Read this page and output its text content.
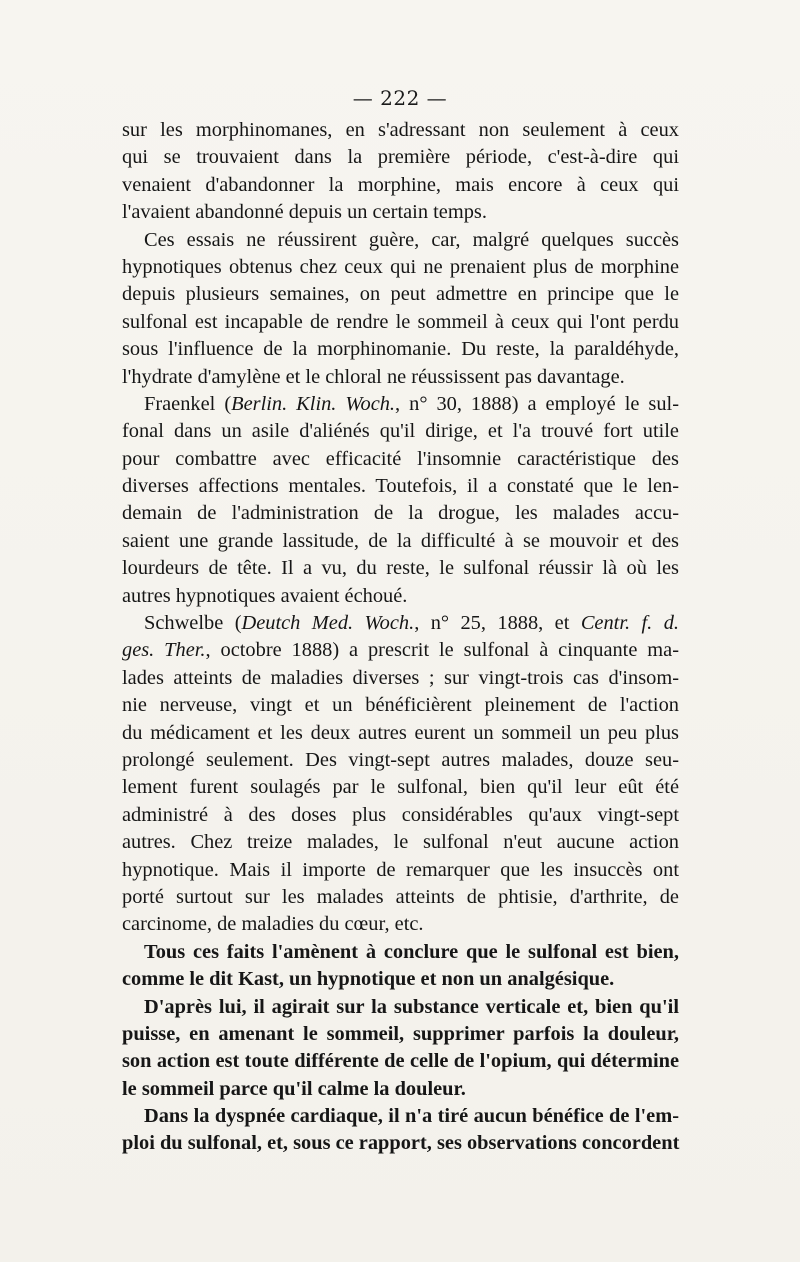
— 222 —
sur les morphinomanes, en s'adressant non seulement à ceux
qui se trouvaient dans la première période, c'est-à-dire qui
venaient d'abandonner la morphine, mais encore à ceux qui
l'avaient abandonné depuis un certain temps.
Ces essais ne réussirent guère, car, malgré quelques succès
hypnotiques obtenus chez ceux qui ne prenaient plus de morphine
depuis plusieurs semaines, on peut admettre en principe que le
sulfonal est incapable de rendre le sommeil à ceux qui l'ont perdu
sous l'influence de la morphinomanie. Du reste, la paraldéhyde,
l'hydrate d'amylène et le chloral ne réussissent pas davantage.
Fraenkel (Berlin. Klin. Woch., n° 30, 1888) a employé le sul-
fonal dans un asile d'aliénés qu'il dirige, et l'a trouvé fort utile
pour combattre avec efficacité l'insomnie caractéristique des
diverses affections mentales. Toutefois, il a constaté que le len-
demain de l'administration de la drogue, les malades accu-
saient une grande lassitude, de la difficulté à se mouvoir et des
lourdeurs de tête. Il a vu, du reste, le sulfonal réussir là où les
autres hypnotiques avaient échoué.
Schwelbe (Deutch Med. Woch., n° 25, 1888, et Centr. f. d.
ges. Ther., octobre 1888) a prescrit le sulfonal à cinquante ma-
lades atteints de maladies diverses ; sur vingt-trois cas d'insom-
nie nerveuse, vingt et un bénéficièrent pleinement de l'action
du médicament et les deux autres eurent un sommeil un peu plus
prolongé seulement. Des vingt-sept autres malades, douze seu-
lement furent soulagés par le sulfonal, bien qu'il leur eût été
administré à des doses plus considérables qu'aux vingt-sept
autres. Chez treize malades, le sulfonal n'eut aucune action
hypnotique. Mais il importe de remarquer que les insuccès ont
porté surtout sur les malades atteints de phtisie, d'arthrite, de
carcinome, de maladies du cœur, etc.
Tous ces faits l'amènent à conclure que le sulfonal est bien,
comme le dit Kast, un hypnotique et non un analgésique.
D'après lui, il agirait sur la substance verticale et, bien qu'il
puisse, en amenant le sommeil, supprimer parfois la douleur,
son action est toute différente de celle de l'opium, qui détermine
le sommeil parce qu'il calme la douleur.
Dans la dyspnée cardiaque, il n'a tiré aucun bénéfice de l'em-
ploi du sulfonal, et, sous ce rapport, ses observations concordent
